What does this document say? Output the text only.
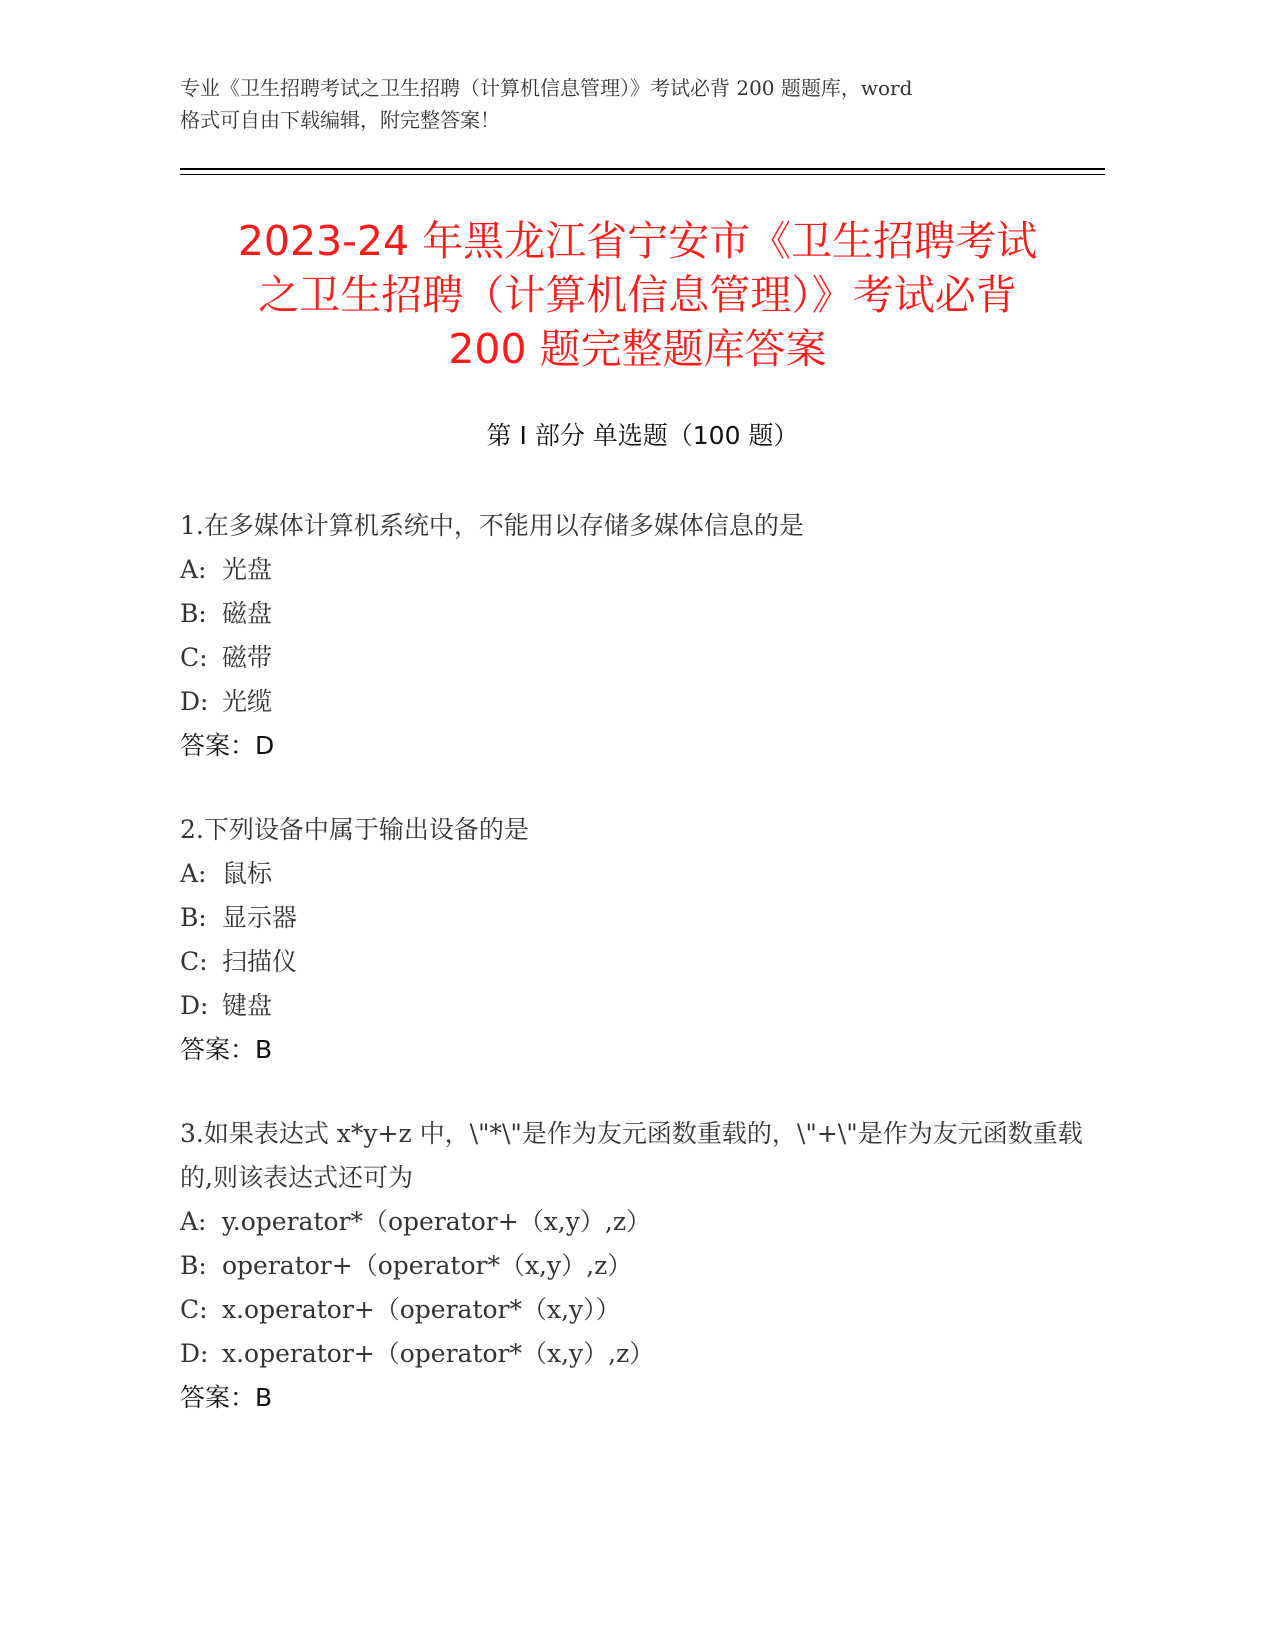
专业《卫生招聘考试之卫生招聘（计算机信息管理）》考试必背 200 题题库，word
格式可自由下载编辑，附完整答案！
2023-24 年黑龙江省宁安市《卫生招聘考试
之卫生招聘（计算机信息管理）》考试必背
200 题完整题库答案
第 I 部分 单选题（100 题）
1.在多媒体计算机系统中，不能用以存储多媒体信息的是
A: 光盘
B: 磁盘
C: 磁带
D: 光缆
答案：D
2.下列设备中属于输出设备的是
A: 鼠标
B: 显示器
C: 扫描仪
D: 键盘
答案：B
3.如果表达式 x*y+z 中，\"*\"是作为友元函数重载的，\"+\"是作为友元函数重载的,则该表达式还可为
A: y.operator*（operator+（x,y）,z）
B: operator+（operator*（x,y）,z）
C: x.operator+（operator*（x,y））
D: x.operator+（operator*（x,y）,z）
答案：B
